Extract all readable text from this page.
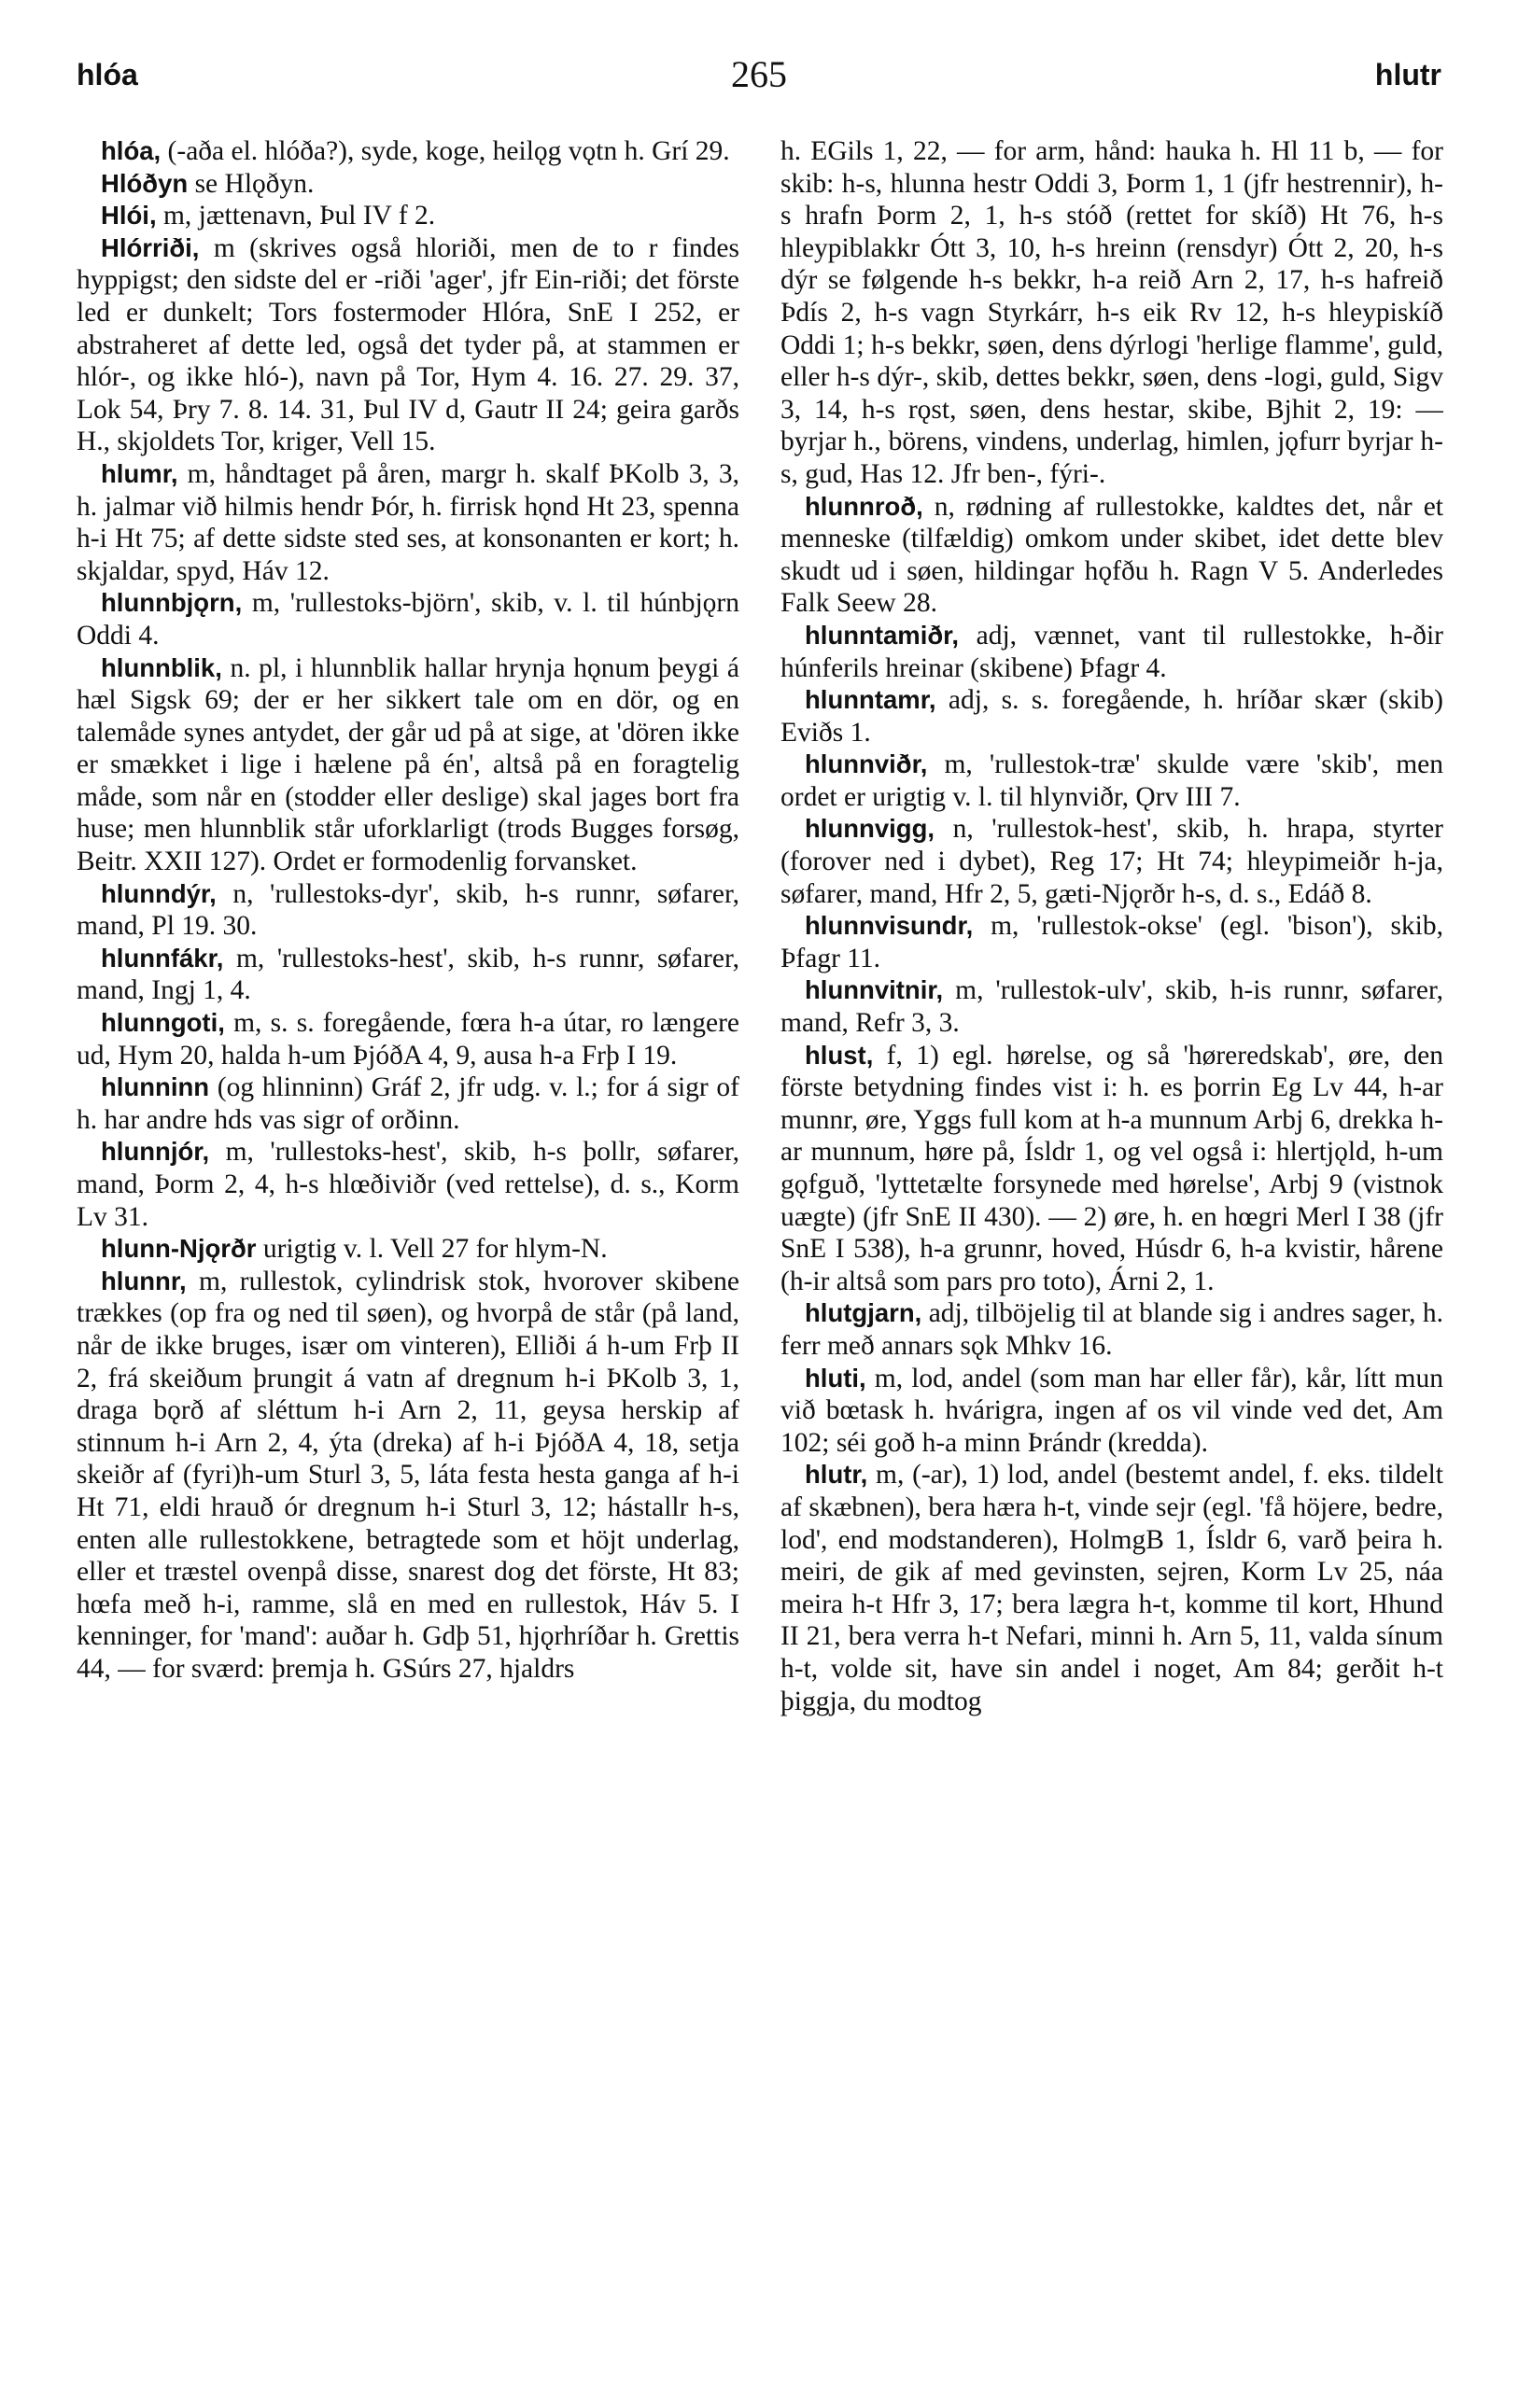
hlóa	265	hlutr

hlóa, (-aða el. hlóða?), syde, koge, heilǫg vǫtn h. Grí 29.

Hlóðyn se Hlǫðyn.

Hlói, m, jættenavn, Þul IV f 2.

Hlórriði, m (skrives også hloriði, men de to r findes hyppigst; den sidste del er -riði 'ager', jfr Ein-riði; det förste led er dunkelt; Tors fostermoder Hlóra, SnE I 252, er abstraheret af dette led, også det tyder på, at stammen er hlór-, og ikke hló-), navn på Tor, Hym 4. 16. 27. 29. 37, Lok 54, Þry 7. 8. 14. 31, Þul IV d, Gautr II 24; geira garðs H., skjoldets Tor, kriger, Vell 15.

hlumr, m, håndtaget på åren, margr h. skalf ÞKolb 3, 3, h. jalmar við hilmis hendr Þór, h. firrisk hǫnd Ht 23, spenna h-i Ht 75; af dette sidste sted ses, at konsonanten er kort; h. skjaldar, spyd, Háv 12.

hlunnbjǫrn, m, 'rullestoks-björn', skib, v. l. til húnbjǫrn Oddi 4.

hlunnblik, n. pl, i hlunnblik hallar hrynja hǫnum þeygi á hæl Sigsk 69; der er her sikkert tale om en dör, og en talemåde synes antydet, der går ud på at sige, at 'dören ikke er smækket i lige i hælene på én', altså på en foragtelig måde, som når en (stodder eller deslige) skal jages bort fra huse; men hlunnblik står uforklarligt (trods Bugges forsøg, Beitr. XXII 127). Ordet er formodenlig forvansket.

hlunndýr, n, 'rullestoks-dyr', skib, h-s runnr, søfarer, mand, Pl 19. 30.

hlunnfákr, m, 'rullestoks-hest', skib, h-s runnr, søfarer, mand, Ingj 1, 4.

hlunngoti, m, s. s. foregående, fœra h-a útar, ro længere ud, Hym 20, halda h-um ÞjóðA 4, 9, ausa h-a Frþ I 19.

hlunninn (og hlinninn) Gráf 2, jfr udg. v. l.; for á sigr of h. har andre hds vas sigr of orðinn.

hlunnjór, m, 'rullestoks-hest', skib, h-s þollr, søfarer, mand, Þorm 2, 4, h-s hlœðiviðr (ved rettelse), d. s., Korm Lv 31.

hlunn-Njǫrðr urigtig v. l. Vell 27 for hlym-N.

hlunnr, m, rullestok, cylindrisk stok, hvorover skibene trækkes (op fra og ned til søen), og hvorpå de står (på land, når de ikke bruges, især om vinteren), Elliði á h-um Frþ II 2, frá skeiðum þrungit á vatn af dregnum h-i ÞKolb 3, 1, draga bǫrð af sléttum h-i Arn 2, 11, geysa herskip af stinnum h-i Arn 2, 4, ýta (dreka) af h-i ÞjóðA 4, 18, setja skeiðr af (fyri)h-um Sturl 3, 5, láta festa hesta ganga af h-i Ht 71, eldi hrauð ór dregnum h-i Sturl 3, 12; hástallr h-s, enten alle rullestokkene, betragtede som et höjt underlag, eller et træstel ovenpå disse, snarest dog det förste, Ht 83; hœfa með h-i, ramme, slå en med en rullestok, Háv 5. I kenninger, for 'mand': auðar h. Gdþ 51, hjǫrhríðar h. Grettis 44, — for sværd: þremja h. GSúrs 27, hjaldrs

h. EGils 1, 22, — for arm, hånd: hauka h. Hl 11 b, — for skib: h-s, hlunna hestr Oddi 3, Þorm 1, 1 (jfr hestrennir), h-s hrafn Þorm 2, 1, h-s stóð (rettet for skíð) Ht 76, h-s hleypiblakkr Ótt 3, 10, h-s hreinn (rensdyr) Ótt 2, 20, h-s dýr se følgende h-s bekkr, h-a reið Arn 2, 17, h-s hafreið Þdís 2, h-s vagn Styrkárr, h-s eik Rv 12, h-s hleypiskíð Oddi 1; h-s bekkr, søen, dens dýrlogi 'herlige flamme', guld, eller h-s dýr-, skib, dettes bekkr, søen, dens -logi, guld, Sigv 3, 14, h-s rǫst, søen, dens hestar, skibe, Bjhit 2, 19: — byrjar h., börens, vindens, underlag, himlen, jǫfurr byrjar h-s, gud, Has 12. Jfr ben-, fýri-.

hlunnroð, n, rødning af rullestokke, kaldtes det, når et menneske (tilfældig) omkom under skibet, idet dette blev skudt ud i søen, hildingar hǫfðu h. Ragn V 5. Anderledes Falk Seew 28.

hlunntamiðr, adj, vænnet, vant til rullestokke, h-ðir húnferils hreinar (skibene) Þfagr 4.

hlunntamr, adj, s. s. foregående, h. hríðar skær (skib) Eviðs 1.

hlunnviðr, m, 'rullestok-træ' skulde være 'skib', men ordet er urigtig v. l. til hlynviðr, Ǫrv III 7.

hlunnvigg, n, 'rullestok-hest', skib, h. hrapa, styrter (forover ned i dybet), Reg 17; Ht 74; hleypimeiðr h-ja, søfarer, mand, Hfr 2, 5, gæti-Njǫrðr h-s, d. s., Edáð 8.

hlunnvisundr, m, 'rullestok-okse' (egl. 'bison'), skib, Þfagr 11.

hlunnvitnir, m, 'rullestok-ulv', skib, h-is runnr, søfarer, mand, Refr 3, 3.

hlust, f, 1) egl. hørelse, og så 'høreredskab', øre, den förste betydning findes vist i: h. es þorrin Eg Lv 44, h-ar munnr, øre, Yggs full kom at h-a munnum Arbj 6, drekka h-ar munnum, høre på, Ísldr 1, og vel også i: hlertjǫld, h-um gǫfguð, 'lyttetælte forsynede med hørelse', Arbj 9 (vistnok uægte) (jfr SnE II 430). — 2) øre, h. en hœgri Merl I 38 (jfr SnE I 538), h-a grunnr, hoved, Húsdr 6, h-a kvistir, hårene (h-ir altså som pars pro toto), Árni 2, 1.

hlutgjarn, adj, tilböjelig til at blande sig i andres sager, h. ferr með annars sǫk Mhkv 16.

hluti, m, lod, andel (som man har eller får), kår, lítt mun við bœtask h. hvárigra, ingen af os vil vinde ved det, Am 102; séi goð h-a minn Þrándr (kredda).

hlutr, m, (-ar), 1) lod, andel (bestemt andel, f. eks. tildelt af skæbnen), bera hæra h-t, vinde sejr (egl. 'få höjere, bedre, lod', end modstanderen), HolmgB 1, Ísldr 6, varð þeira h. meiri, de gik af med gevinsten, sejren, Korm Lv 25, náa meira h-t Hfr 3, 17; bera lægra h-t, komme til kort, Hhund II 21, bera verra h-t Nefari, minni h. Arn 5, 11, valda sínum h-t, volde sit, have sin andel i noget, Am 84; gerðit h-t þiggja, du modtog
